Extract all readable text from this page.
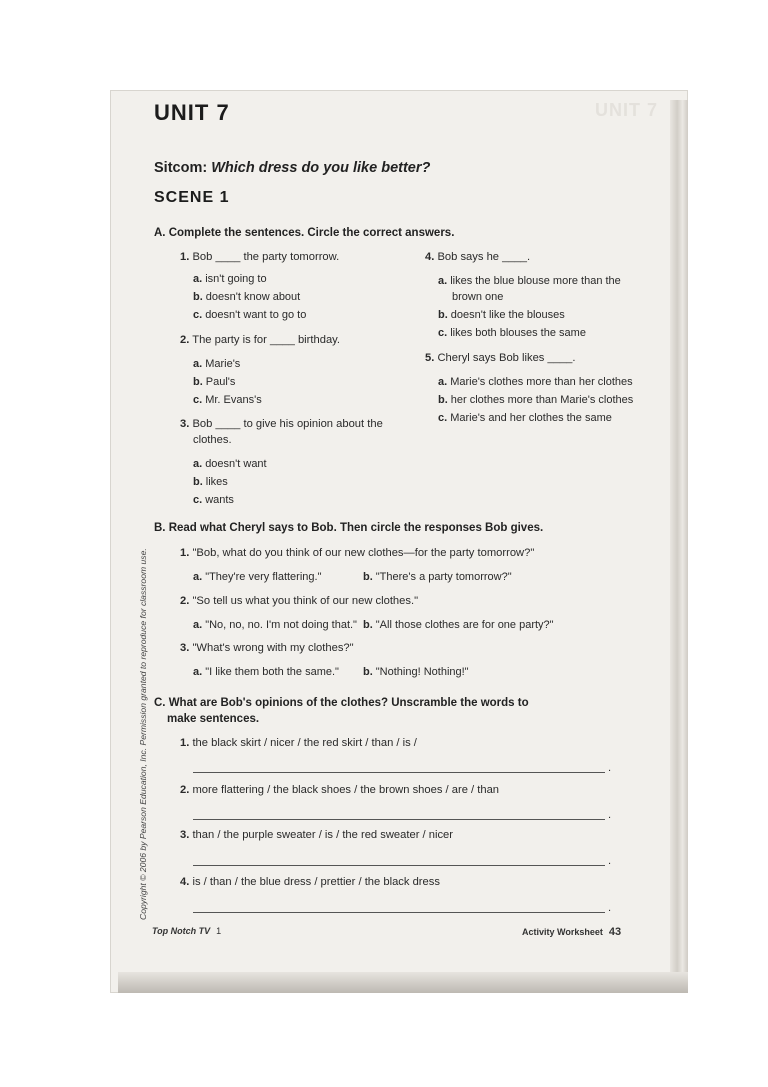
UNIT 7
UNIT 7
Sitcom: Which dress do you like better?
SCENE 1
A. Complete the sentences. Circle the correct answers.
1. Bob ____ the party tomorrow.
a. isn't going to
b. doesn't know about
c. doesn't want to go to
2. The party is for ____ birthday.
a. Marie's
b. Paul's
c. Mr. Evans's
3. Bob ____ to give his opinion about the
clothes.
a. doesn't want
b. likes
c. wants
4. Bob says he ____.
a. likes the blue blouse more than the
brown one
b. doesn't like the blouses
c. likes both blouses the same
5. Cheryl says Bob likes ____.
a. Marie's clothes more than her clothes
b. her clothes more than Marie's clothes
c. Marie's and her clothes the same
B. Read what Cheryl says to Bob. Then circle the responses Bob gives.
1. "Bob, what do you think of our new clothes—for the party tomorrow?"
a. "They're very flattering."	b. "There's a party tomorrow?"
2. "So tell us what you think of our new clothes."
a. "No, no, no. I'm not doing that." b. "All those clothes are for one party?"
3. "What's wrong with my clothes?"
a. "I like them both the same." b. "Nothing! Nothing!"
C. What are Bob's opinions of the clothes? Unscramble the words to
make sentences.
1. the black skirt / nicer / the red skirt / than / is /
.
2. more flattering / the black shoes / the brown shoes / are / than
.
3. than / the purple sweater / is / the red sweater / nicer
.
4. is / than / the blue dress / prettier / the black dress
.
Copyright © 2006 by Pearson Education, Inc. Permission granted to reproduce for classroom use.
Top Notch TV 1	Activity Worksheet 43
